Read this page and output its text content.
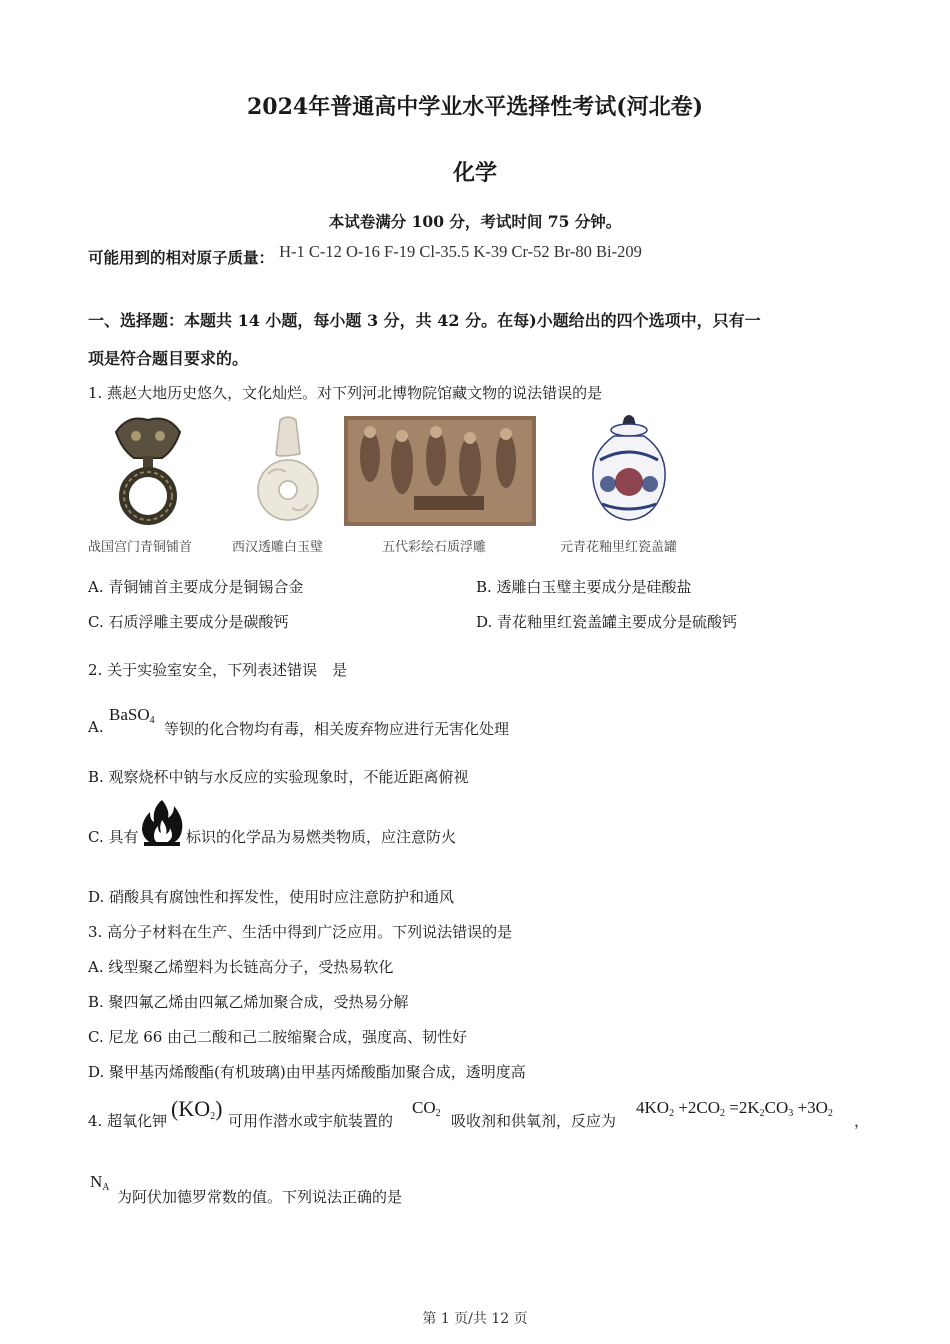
2024年普通高中学业水平选择性考试(河北卷)
化学
本试卷满分 100 分，考试时间 75 分钟。
可能用到的相对原子质量： H-1 C-12 O-16 F-19 Cl-35.5 K-39 Cr-52 Br-80 Bi-209
一、选择题：本题共 14 小题，每小题 3 分，共 42 分。在每)小题给出的四个选项中，只有一
项是符合题目要求的。
1. 燕赵大地历史悠久，文化灿烂。对下列河北博物院馆藏文物的说法错误的是
战国宫门青铜铺首	西汉透雕白玉璧	五代彩绘石质浮雕	元青花釉里红瓷盖罐
A. 青铜铺首主要成分是铜锡合金	B. 透雕白玉璧主要成分是硅酸盐
C. 石质浮雕主要成分是碳酸钙	D. 青花釉里红瓷盖罐主要成分是硫酸钙
2. 关于实验室安全，下列表述错误　是
A.
BaSO$_4$ 等钡的化合物均有毒，相关废弃物应进行无害化处理
B. 观察烧杯中钠与水反应的实验现象时，不能近距离俯视
C. 具有	标识的化学品为易燃类物质，应注意防火
D. 硝酸具有腐蚀性和挥发性，使用时应注意防护和通风
3. 高分子材料在生产、生活中得到广泛应用。下列说法错误的是
A. 线型聚乙烯塑料为长链高分子，受热易软化
B. 聚四氟乙烯由四氟乙烯加聚合成，受热易分解
C. 尼龙 66 由己二酸和己二胺缩聚合成，强度高、韧性好
D. 聚甲基丙烯酸酯(有机玻璃)由甲基丙烯酸酯加聚合成，透明度高
4. 超氧化钾 $(KO_2)$ 可用作潜水或宇航装置的
$CO_2$ 吸收剂和供氧剂，反应为
$4KO_2 +2CO_2 =2K_2CO_3 +3O_2$ ，
$N_A$
为阿伏加德罗常数的值。下列说法正确的是
第 1 页/共 12 页
